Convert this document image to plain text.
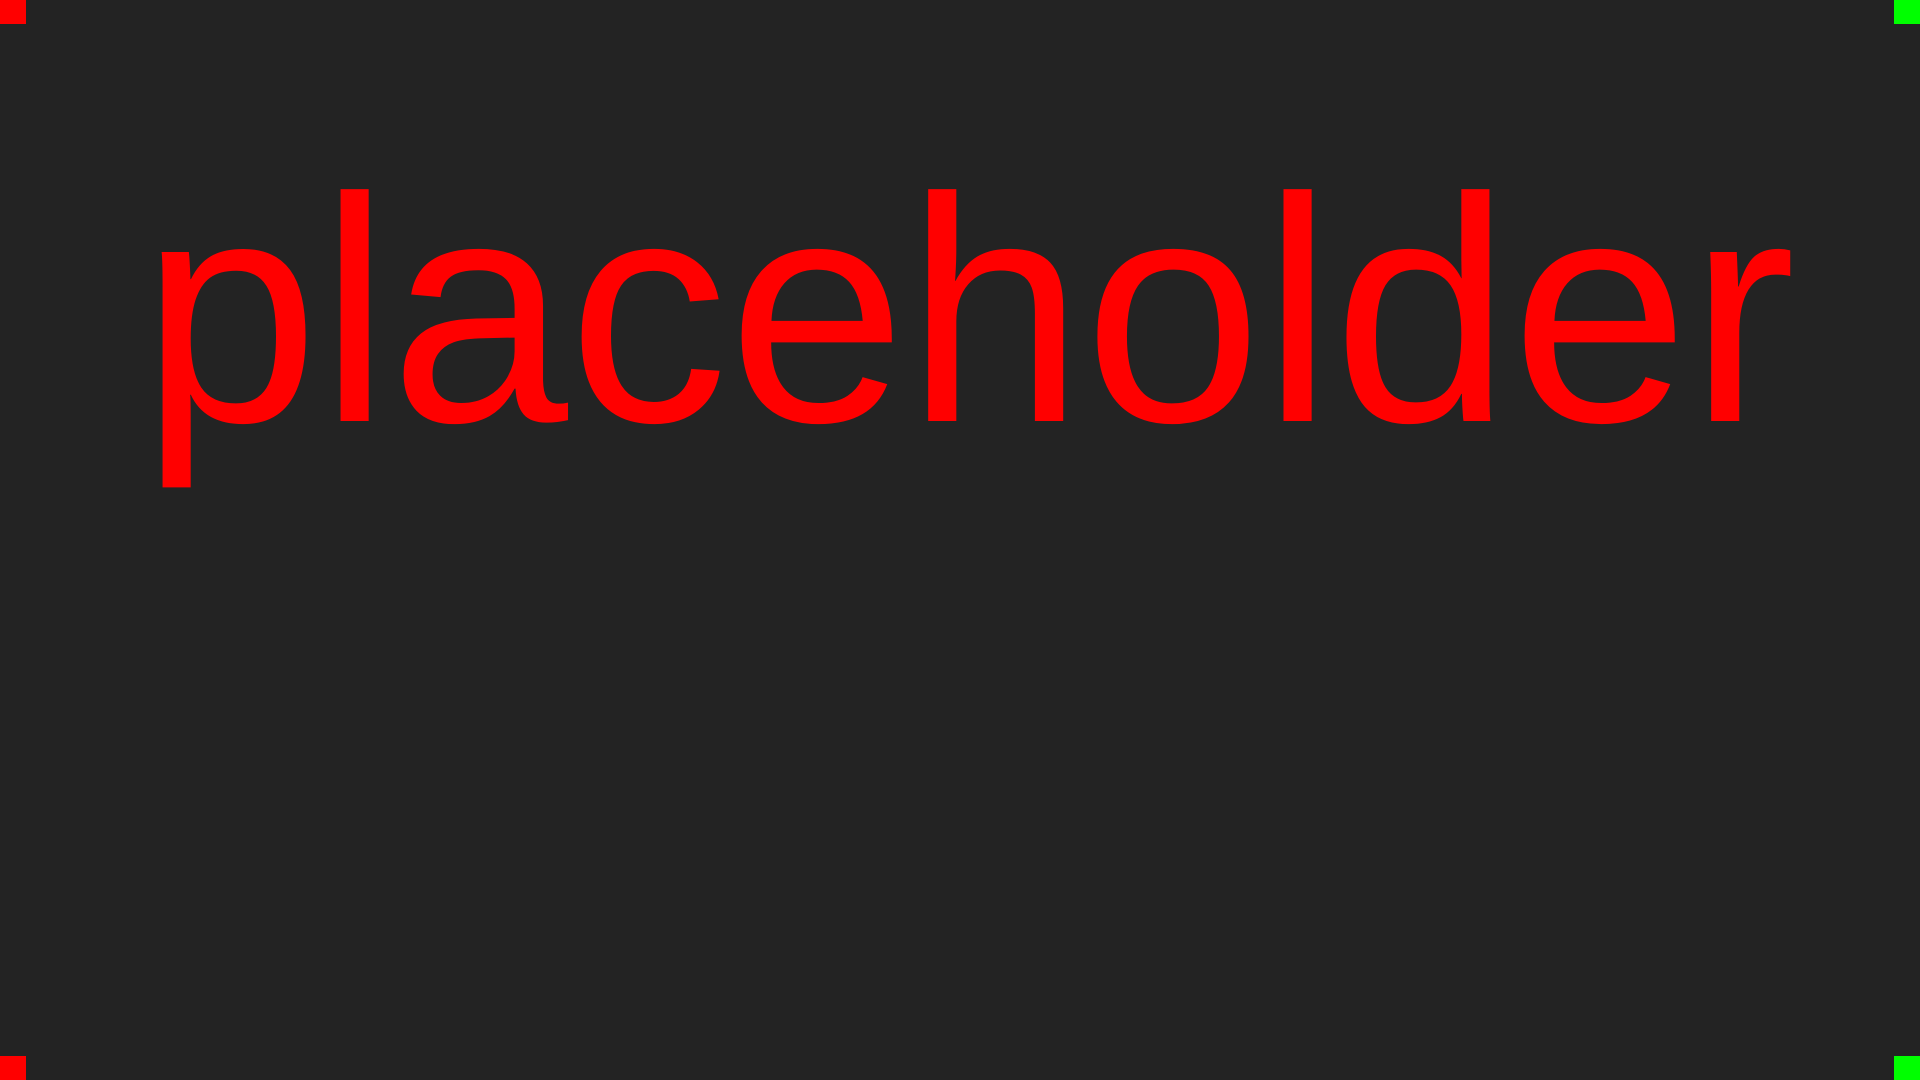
placeholder
